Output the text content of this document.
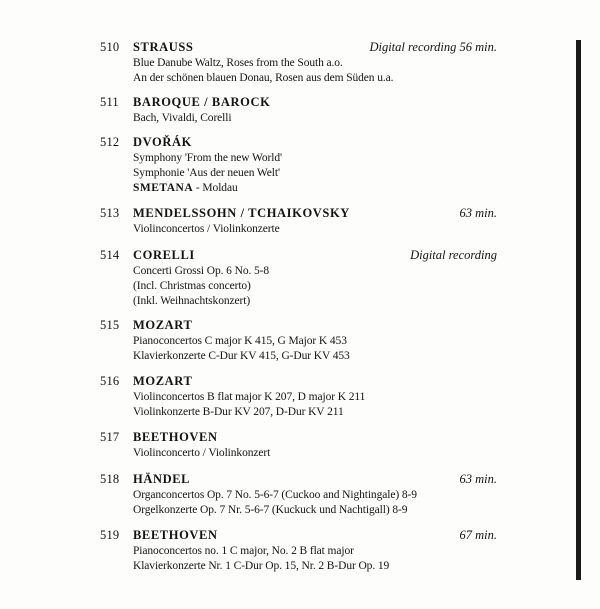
510 STRAUSS	Digital recording 56 min.
Blue Danube Waltz, Roses from the South a.o.
An der schönen blauen Donau, Rosen aus dem Süden u.a.
511 BAROQUE / BAROCK
Bach, Vivaldi, Corelli
512 DVOŘÁK
Symphony 'From the new World'
Symphonie 'Aus der neuen Welt'
SMETANA - Moldau
513 MENDELSSOHN / TCHAIKOVSKY	63 min.
Violinconcertos / Violinkonzerte
514 CORELLI	Digital recording
Concerti Grossi Op. 6 No. 5-8
(Incl. Christmas concerto)
(Inkl. Weihnachtskonzert)
515 MOZART
Pianoconcertos C major K 415, G Major K 453
Klavierkonzerte C-Dur KV 415, G-Dur KV 453
516 MOZART
Violinconcertos B flat major K 207, D major K 211
Violinkonzerte B-Dur KV 207, D-Dur KV 211
517 BEETHOVEN
Violinconcerto / Violinkonzert
518 HÄNDEL	63 min.
Organconcertos Op. 7 No. 5-6-7 (Cuckoo and Nightingale) 8-9
Orgelkonzerte Op. 7 Nr. 5-6-7 (Kuckuck und Nachtigall) 8-9
519 BEETHOVEN	67 min.
Pianoconcertos no. 1 C major, No. 2 B flat major
Klavierkonzerte Nr. 1 C-Dur Op. 15, Nr. 2 B-Dur Op. 19
